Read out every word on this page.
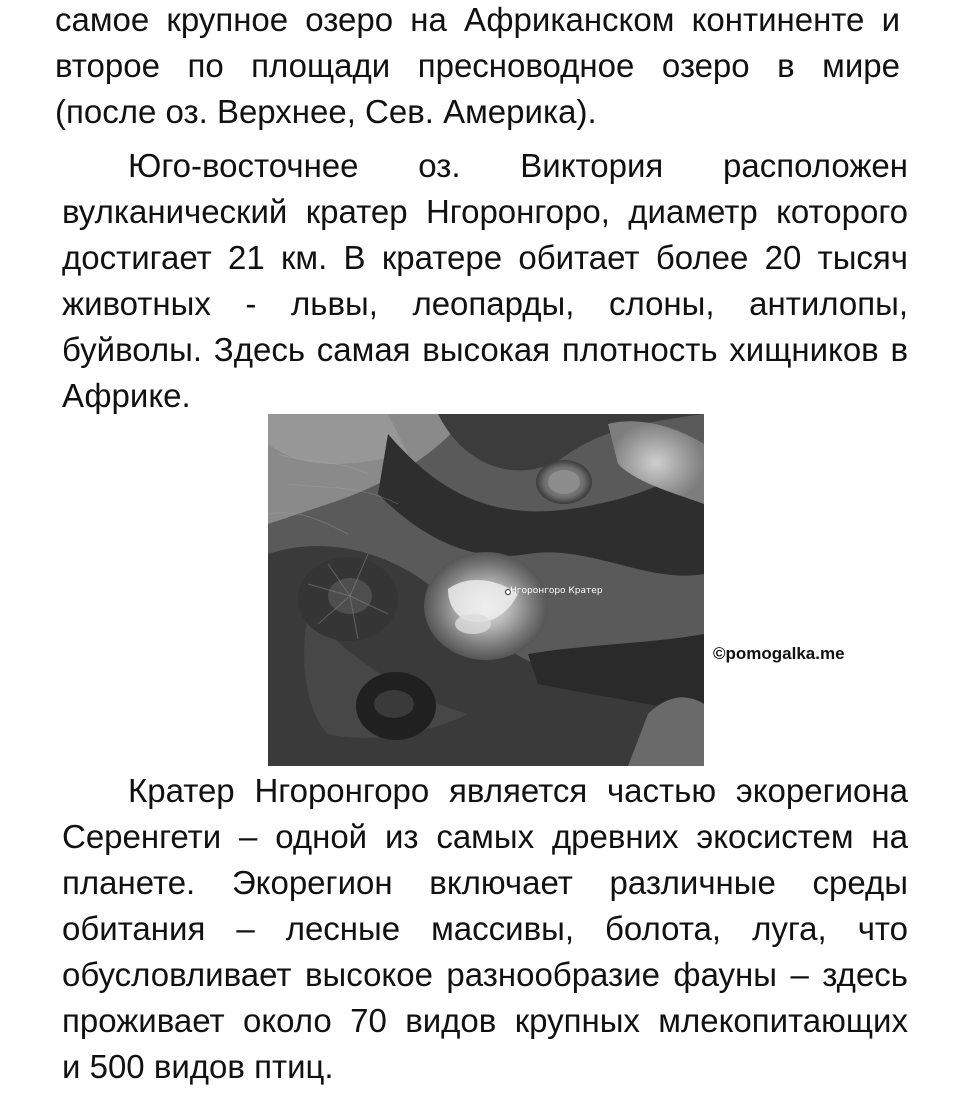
самое крупное озеро на Африканском континенте и
второе по площади пресноводное озеро в мире
(после оз. Верхнее, Сев. Америка).
Юго-восточнее оз. Виктория расположен
вулканический кратер Нгоронгоро, диаметр которого
достигает 21 км. В кратере обитает более 20 тысяч
животных - львы, леопарды, слоны, антилопы,
буйволы. Здесь самая высокая плотность хищников в
Африке.
Нгоронгоро Кратер
©pomogalka.me
Кратер Нгоронгоро является частью экорегиона
Серенгети – одной из самых древних экосистем на
планете. Экорегион включает различные среды
обитания – лесные массивы, болота, луга, что
обусловливает высокое разнообразие фауны – здесь
проживает около 70 видов крупных млекопитающих
и 500 видов птиц.
